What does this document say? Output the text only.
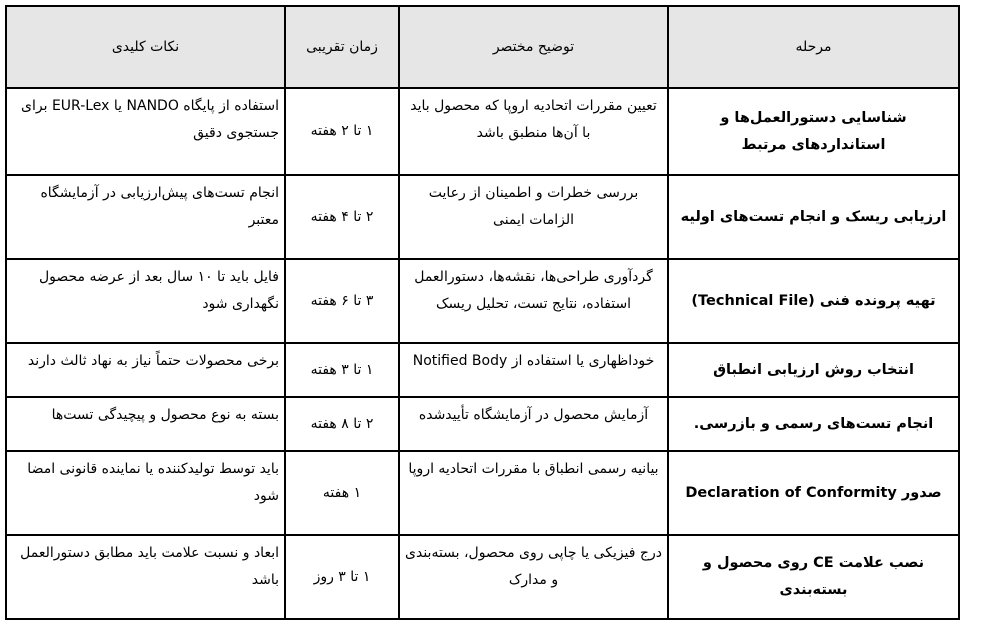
مرحله	توضیح مختصر	زمان تقریبی	نکات کلیدی
شناسایی دستورالعمل‌ها و استانداردهای مرتبط	تعیین مقررات اتحادیه اروپا که محصول باید با آن‌ها منطبق باشد	۱ تا ۲ هفته	استفاده از پایگاه NANDO یا EUR-Lex برای جستجوی دقیق
ارزیابی ریسک و انجام تست‌های اولیه	بررسی خطرات و اطمینان از رعایت الزامات ایمنی	۲ تا ۴ هفته	انجام تست‌های پیش‌ارزیابی در آزمایشگاه معتبر
تهیه پرونده فنی (Technical File)	گردآوری طراحی‌ها، نقشه‌ها، دستورالعمل استفاده، نتایج تست، تحلیل ریسک	۳ تا ۶ هفته	فایل باید تا ۱۰ سال بعد از عرضه محصول نگهداری شود
انتخاب روش ارزیابی انطباق	خوداظهاری یا استفاده از Notified Body	۱ تا ۳ هفته	برخی محصولات حتماً نیاز به نهاد ثالث دارند
انجام تست‌های رسمی و بازرسی.	آزمایش محصول در آزمایشگاه تأییدشده	۲ تا ۸ هفته	بسته به نوع محصول و پیچیدگی تست‌ها
صدور Declaration of Conformity	بیانیه رسمی انطباق با مقررات اتحادیه اروپا	۱ هفته	باید توسط تولیدکننده یا نماینده قانونی امضا شود
نصب علامت CE روی محصول و بسته‌بندی	درج فیزیکی یا چاپی روی محصول، بسته‌بندی و مدارک	۱ تا ۳ روز	ابعاد و نسبت علامت باید مطابق دستورالعمل باشد
